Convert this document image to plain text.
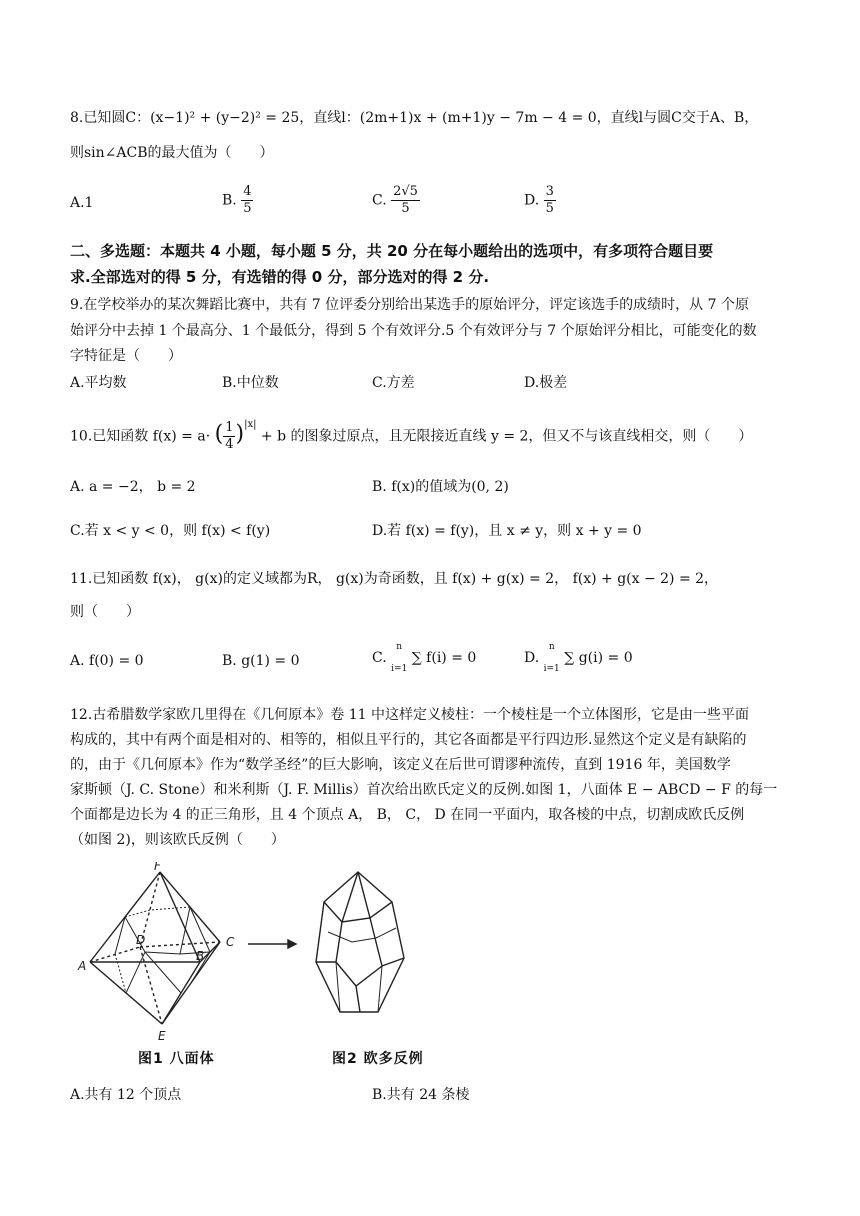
8.已知圆C：(x−1)² + (y−2)² = 25，直线l：(2m+1)x + (m+1)y − 7m − 4 = 0，直线l与圆C交于A、B，
则sin∠ACB的最大值为（　　）
A.1	B. $\frac{4}{5}$	C. $\frac{2√5}{5}$	D. $\frac{3}{5}$
二、多选题：本题共 4 小题，每小题 5 分，共 20 分在每小题给出的选项中，有多项符合题目要
求.全部选对的得 5 分，有选错的得 0 分，部分选对的得 2 分.
9.在学校举办的某次舞蹈比赛中，共有 7 位评委分别给出某选手的原始评分，评定该选手的成绩时，从 7 个原
始评分中去掉 1 个最高分、1 个最低分，得到 5 个有效评分.5 个有效评分与 7 个原始评分相比，可能变化的数
字特征是（　　）
A.平均数	B.中位数	C.方差	D.极差
10.已知函数 f(x) = a· ( $\frac{1}{4} )^{|x|} + b$ 的图象过原点，且无限接近直线 y = 2，但又不与该直线相交，则（　　）
A. a = −2， b = 2	B. f(x)的值域为(0, 2)
C.若 x < y < 0，则 f(x) < f(y)	D.若 f(x) = f(y)，且 x ≠ y，则 x + y = 0
11.已知函数 f(x)， g(x)的定义域都为R， g(x)为奇函数，且 f(x) + g(x) = 2， f(x) + g(x − 2) = 2，
则（　　）
A. f(0) = 0	B. g(1) = 0	C.
n
i=1
∑ f(i) = 0	D.
n
i=1
∑ g(i) = 0
12.古希腊数学家欧几里得在《几何原本》卷 11 中这样定义棱柱：一个棱柱是一个立体图形，它是由一些平面
构成的，其中有两个面是相对的、相等的，相似且平行的，其它各面都是平行四边形.显然这个定义是有缺陷的
的，由于《几何原本》作为“数学圣经”的巨大影响，该定义在后世可谓谬种流传，直到 1916 年，美国数学
家斯顿（J. C. Stone）和米利斯（J. F. Millis）首次给出欧氏定义的反例.如图 1，八面体 E − ABCD − F 的每一
个面都是边长为 4 的正三角形，且 4 个顶点 A， B， C， D 在同一平面内，取各棱的中点，切割成欧氏反例
（如图 2)，则该欧氏反例（　　）
F
D	C
A
B
E
图1 八面体	图2 欧多反例
A.共有 12 个顶点	B.共有 24 条棱
